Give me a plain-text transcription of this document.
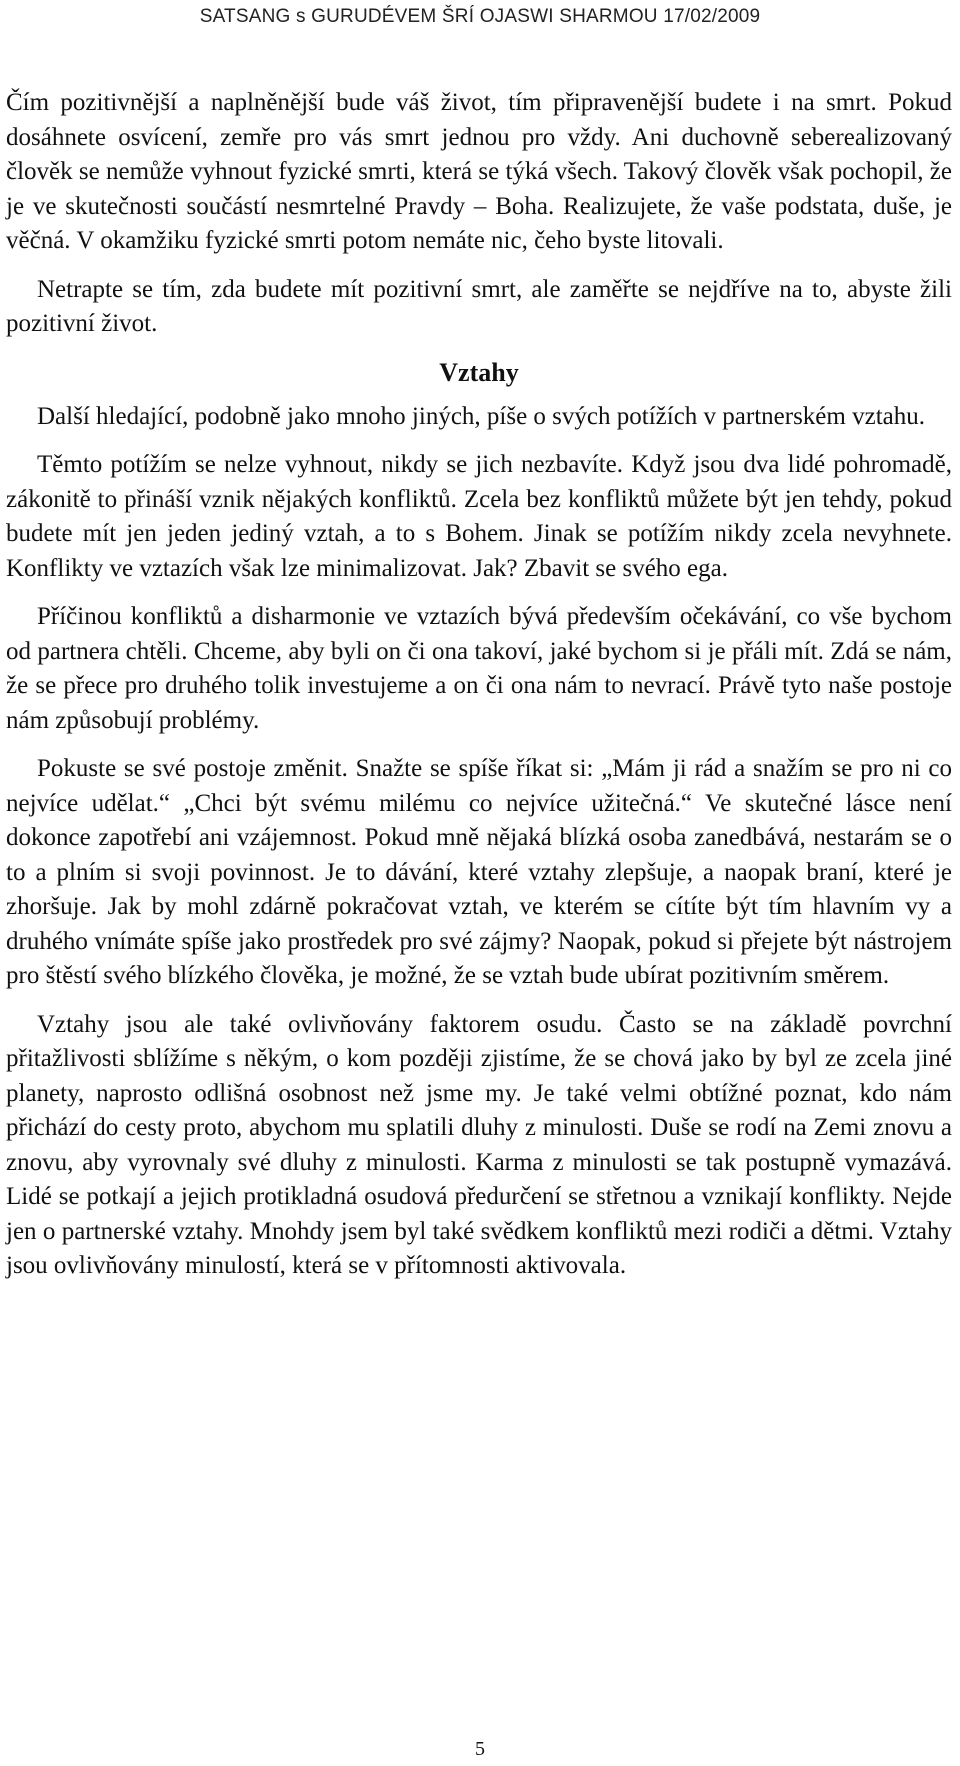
SATSANG s GURUDÉVEM ŠRÍ OJASWI SHARMOU 17/02/2009

Čím pozitivnější a naplněnější bude váš život, tím připravenější budete i na smrt. Pokud dosáhnete osvícení, zemře pro vás smrt jednou pro vždy. Ani duchovně seberealizovaný člověk se nemůže vyhnout fyzické smrti, která se týká všech. Takový člověk však pochopil, že je ve skutečnosti součástí nesmrtelné Pravdy – Boha. Realizujete, že vaše podstata, duše, je věčná. V okamžiku fyzické smrti potom nemáte nic, čeho byste litovali.

Netrapte se tím, zda budete mít pozitivní smrt, ale zaměřte se nejdříve na to, abyste žili pozitivní život.

Vztahy

Další hledající, podobně jako mnoho jiných, píše o svých potížích v partnerském vztahu.

Těmto potížím se nelze vyhnout, nikdy se jich nezbavíte. Když jsou dva lidé pohromadě, zákonitě to přináší vznik nějakých konfliktů. Zcela bez konfliktů můžete být jen tehdy, pokud budete mít jen jeden jediný vztah, a to s Bohem. Jinak se potížím nikdy zcela nevyhnete. Konflikty ve vztazích však lze minimalizovat. Jak? Zbavit se svého ega.

Příčinou konfliktů a disharmonie ve vztazích bývá především očekávání, co vše bychom od partnera chtěli. Chceme, aby byli on či ona takoví, jaké bychom si je přáli mít. Zdá se nám, že se přece pro druhého tolik investujeme a on či ona nám to nevrací. Právě tyto naše postoje nám způsobují problémy.

Pokuste se své postoje změnit. Snažte se spíše říkat si: „Mám ji rád a snažím se pro ni co nejvíce udělat.“ „Chci být svému milému co nejvíce užitečná.“ Ve skutečné lásce není dokonce zapotřebí ani vzájemnost. Pokud mně nějaká blízká osoba zanedbává, nestarám se o to a plním si svoji povinnost. Je to dávání, které vztahy zlepšuje, a naopak braní, které je zhoršuje. Jak by mohl zdárně pokračovat vztah, ve kterém se cítíte být tím hlavním vy a druhého vnímáte spíše jako prostředek pro své zájmy? Naopak, pokud si přejete být nástrojem pro štěstí svého blízkého člověka, je možné, že se vztah bude ubírat pozitivním směrem.

Vztahy jsou ale také ovlivňovány faktorem osudu. Často se na základě povrchní přitažlivosti sblížíme s někým, o kom později zjistíme, že se chová jako by byl ze zcela jiné planety, naprosto odlišná osobnost než jsme my. Je také velmi obtížné poznat, kdo nám přichází do cesty proto, abychom mu splatili dluhy z minulosti. Duše se rodí na Zemi znovu a znovu, aby vyrovnaly své dluhy z minulosti. Karma z minulosti se tak postupně vymazává. Lidé se potkají a jejich protikladná osudová předurčení se střetnou a vznikají konflikty. Nejde jen o partnerské vztahy. Mnohdy jsem byl také svědkem konfliktů mezi rodiči a dětmi. Vztahy jsou ovlivňovány minulostí, která se v přítomnosti aktivovala.

5
